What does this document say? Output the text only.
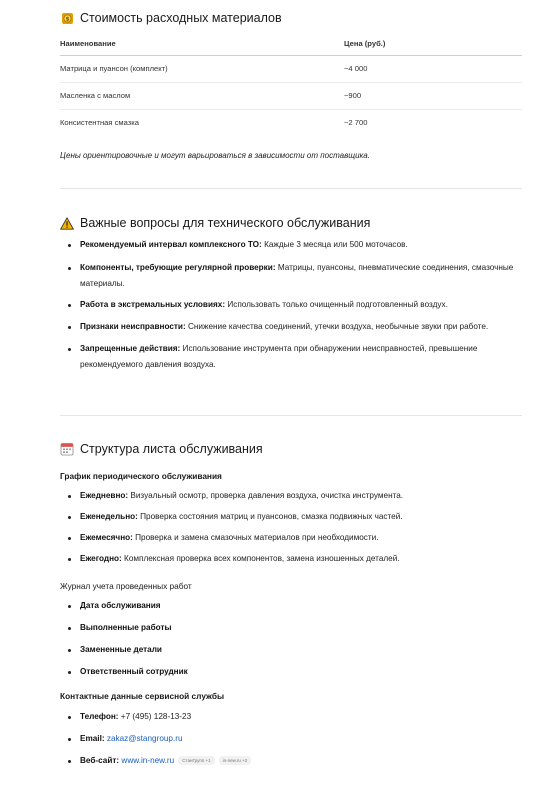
$ Стоимость расходных материалов
Наименование	Цена (руб.)
Матрица и пуансон (комплект)	~4 000
Масленка с маслом	~900
Консистентная смазка	~2 700

Цены ориентировочные и могут варьироваться в зависимости от поставщика.

Важные вопросы для технического обслуживания
Рекомендуемый интервал комплексного ТО: Каждые 3 месяца или 500 моточасов.
Компоненты, требующие регулярной проверки: Матрицы, пуансоны, пневматические соединения, смазочные материалы.
Работа в экстремальных условиях: Использовать только очищенный подготовленный воздух.
Признаки неисправности: Снижение качества соединений, утечки воздуха, необычные звуки при работе.
Запрещенные действия: Использование инструмента при обнаружении неисправностей, превышение рекомендуемого давления воздуха.
Структура листа обслуживания
График периодического обслуживания
Ежедневно: Визуальный осмотр, проверка давления воздуха, очистка инструмента.
Еженедельно: Проверка состояния матриц и пуансонов, смазка подвижных частей.
Ежемесячно: Проверка и замена смазочных материалов при необходимости.
Ежегодно: Комплексная проверка всех компонентов, замена изношенных деталей.
Журнал учета проведенных работ
Дата обслуживания
Выполненные работы
Замененные детали
Ответственный сотрудник
Контактные данные сервисной службы
Телефон: +7 (495) 128-13-23
Email: zakaz@stangroup.ru
Веб-сайт: www.in-new.ru СтанГрупп +1	in-new.ru +2
